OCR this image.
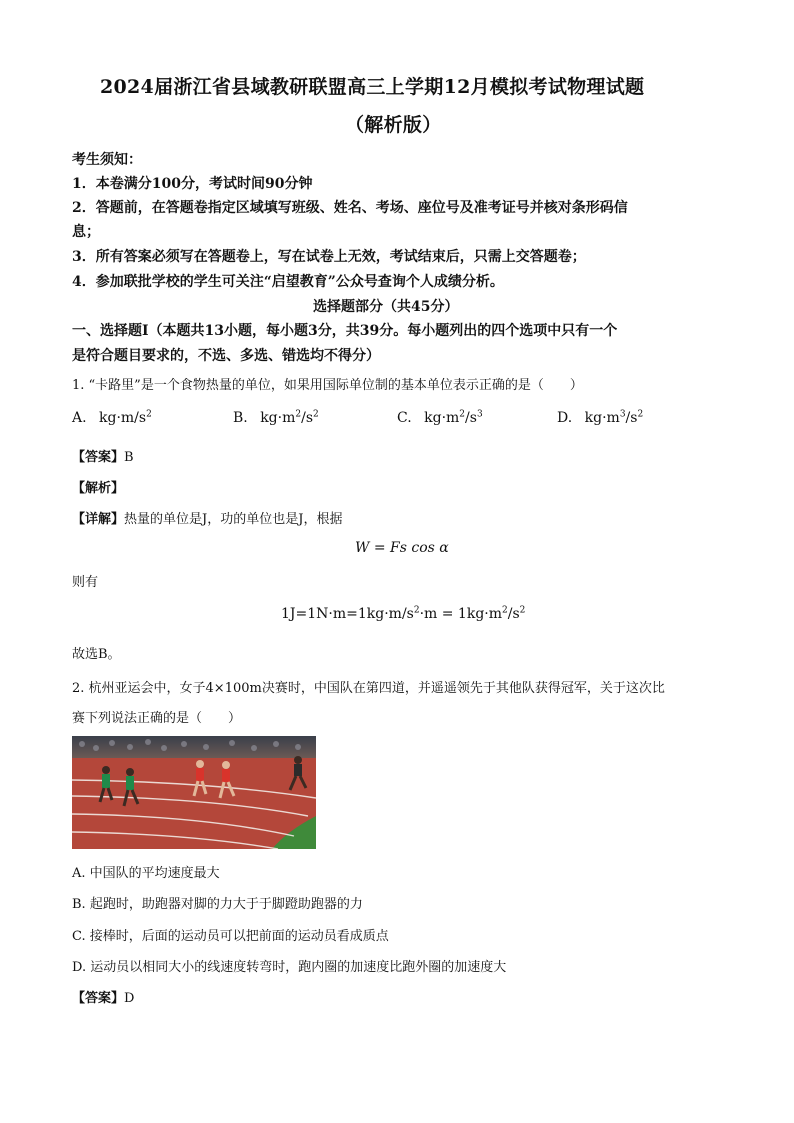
2024届浙江省县域教研联盟高三上学期12月模拟考试物理试题
（解析版）
考生须知：
1．本卷满分100分，考试时间90分钟
2．答题前，在答题卷指定区域填写班级、姓名、考场、座位号及准考证号并核对条形码信
息；
3．所有答案必须写在答题卷上，写在试卷上无效，考试结束后，只需上交答题卷；
4．参加联批学校的学生可关注“启望教育”公众号查询个人成绩分析。
选择题部分（共45分）
一、选择题Ⅰ（本题共13小题，每小题3分，共39分。每小题列出的四个选项中只有一个
是符合题目要求的，不选、多选、错选均不得分）
1. “卡路里”是一个食物热量的单位，如果用国际单位制的基本单位表示正确的是（　　）
A. $kg\cdot m/s^2$	B. $kg\cdot m^2/s^2$	C. $kg\cdot m^2/s^3$	D. $kg\cdot m^3/s^2$
【答案】B
【解析】
【详解】热量的单位是J，功的单位也是J，根据
W = Fs cos α
则有
$1J=1N\cdot m=1kg\cdot m/s^2\cdot m = 1kg\cdot m^2/s^2$
故选B。
2. 杭州亚运会中，女子4×100m决赛时，中国队在第四道，并遥遥领先于其他队获得冠军，关于这次比
赛下列说法正确的是（　　）
A. 中国队的平均速度最大
B. 起跑时，助跑器对脚的力大于于脚蹬助跑器的力
C. 接棒时，后面的运动员可以把前面的运动员看成质点
D. 运动员以相同大小的线速度转弯时，跑内圈的加速度比跑外圈的加速度大
【答案】D
